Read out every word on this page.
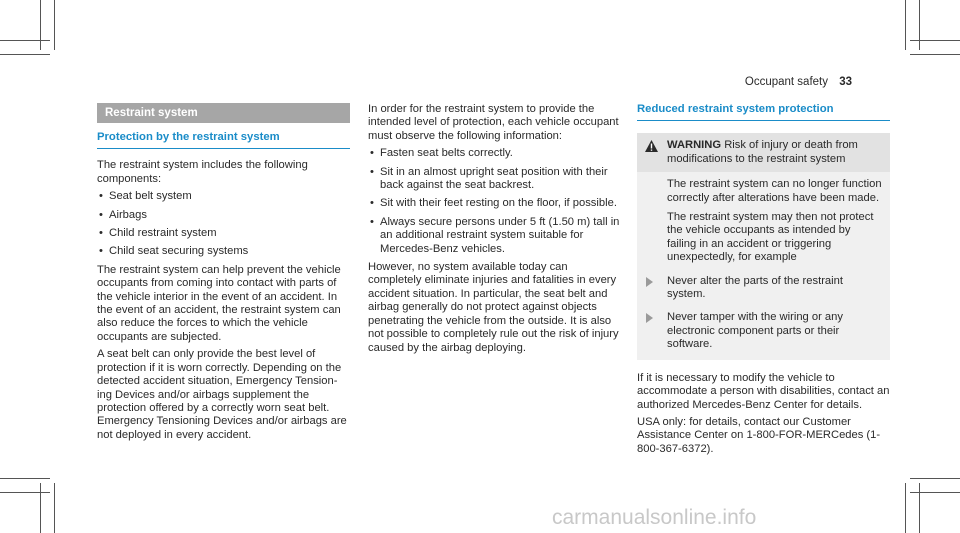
Occupant safety 33
Restraint system
Protection by the restraint system

The restraint system includes the following components:

• Seat belt system
• Airbags
• Child restraint system
• Child seat securing systems

The restraint system can help prevent the vehicle occupants from coming into contact with parts of the vehicle interior in the event of an accident. In the event of an accident, the restraint system can also reduce the forces to which the vehicle occupants are subjected.

A seat belt can only provide the best level of protection if it is worn correctly. Depending on the detected accident situation, Emergency Tension-ing Devices and/or airbags supplement the protection offered by a correctly worn seat belt. Emergency Tensioning Devices and/or airbags are not deployed in every accident.

In order for the restraint system to provide the intended level of protection, each vehicle occupant must observe the following information:

• Fasten seat belts correctly.
• Sit in an almost upright seat position with their back against the seat backrest.
• Sit with their feet resting on the floor, if possible.
• Always secure persons under 5 ft (1.50 m) tall in an additional restraint system suitable for Mercedes-Benz vehicles.

However, no system available today can completely eliminate injuries and fatalities in every accident situation. In particular, the seat belt and airbag generally do not protect against objects penetrating the vehicle from the outside. It is also not possible to completely rule out the risk of injury caused by the airbag deploying.

Reduced restraint system protection
WARNING Risk of injury or death from modifications to the restraint system

The restraint system can no longer function correctly after alterations have been made.

The restraint system may then not protect the vehicle occupants as intended by failing in an accident or triggering unexpectedly, for example

Never alter the parts of the restraint system.
Never tamper with the wiring or any electronic component parts or their software.

If it is necessary to modify the vehicle to accommodate a person with disabilities, contact an authorized Mercedes-Benz Center for details.

USA only: for details, contact our Customer Assistance Center on 1-800-FOR-MERCedes (1-800-367-6372).

carmanualsonline.info
